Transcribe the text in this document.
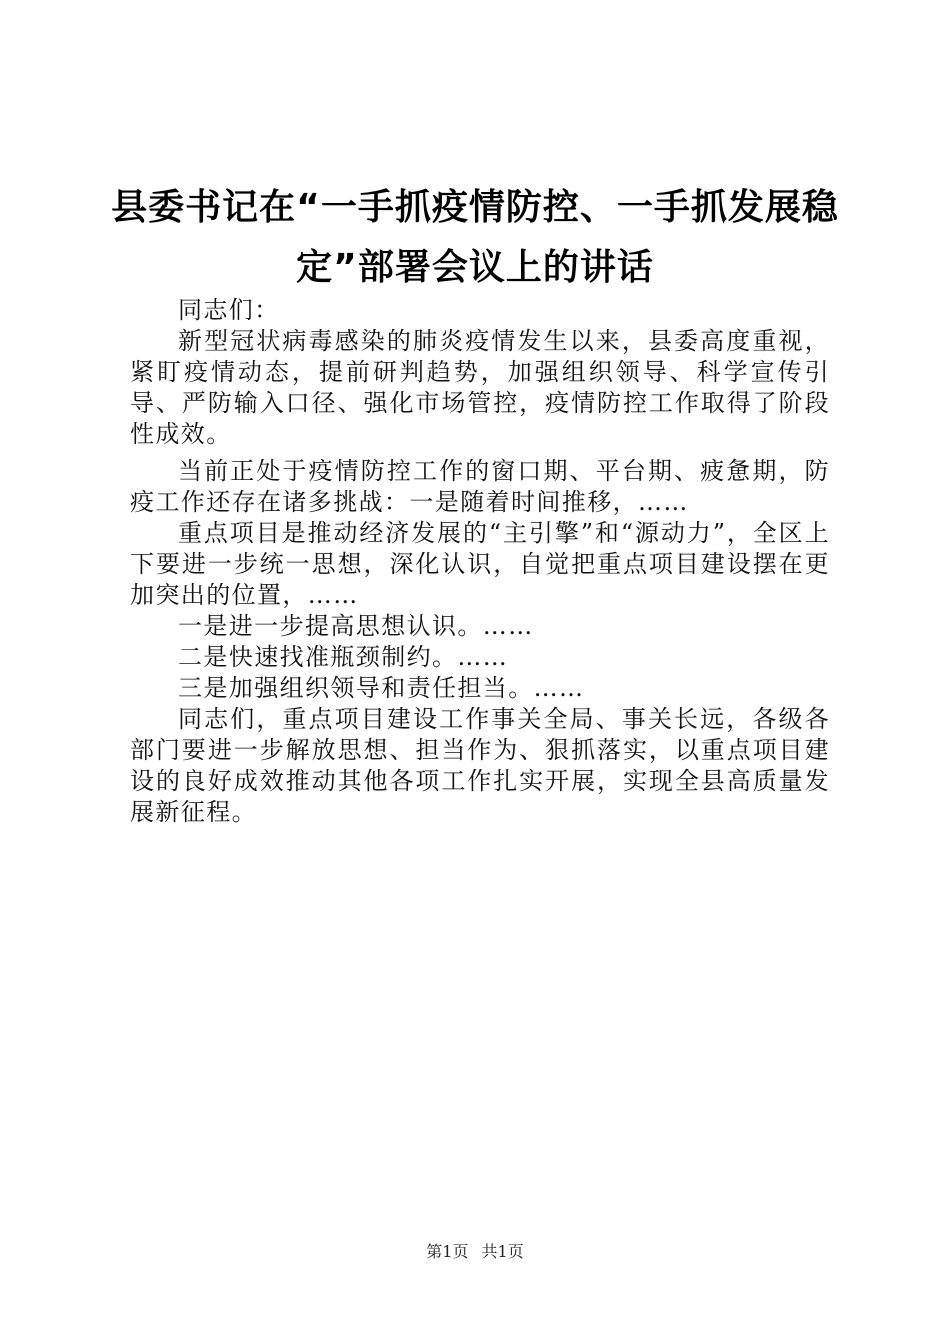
县委书记在“一手抓疫情防控、一手抓发展稳
定”部署会议上的讲话

同志们：

新型冠状病毒感染的肺炎疫情发生以来，县委高度重视，紧盯疫情动态，提前研判趋势，加强组织领导、科学宣传引导、严防输入口径、强化市场管控，疫情防控工作取得了阶段性成效。

当前正处于疫情防控工作的窗口期、平台期、疲惫期，防疫工作还存在诸多挑战：一是随着时间推移，……

重点项目是推动经济发展的“主引擎”和“源动力”，全区上下要进一步统一思想，深化认识，自觉把重点项目建设摆在更加突出的位置，……

一是进一步提高思想认识。……

二是快速找准瓶颈制约。……

三是加强组织领导和责任担当。……

同志们，重点项目建设工作事关全局、事关长远，各级各部门要进一步解放思想、担当作为、狠抓落实，以重点项目建设的良好成效推动其他各项工作扎实开展，实现全县高质量发展新征程。

第1页 共1页
